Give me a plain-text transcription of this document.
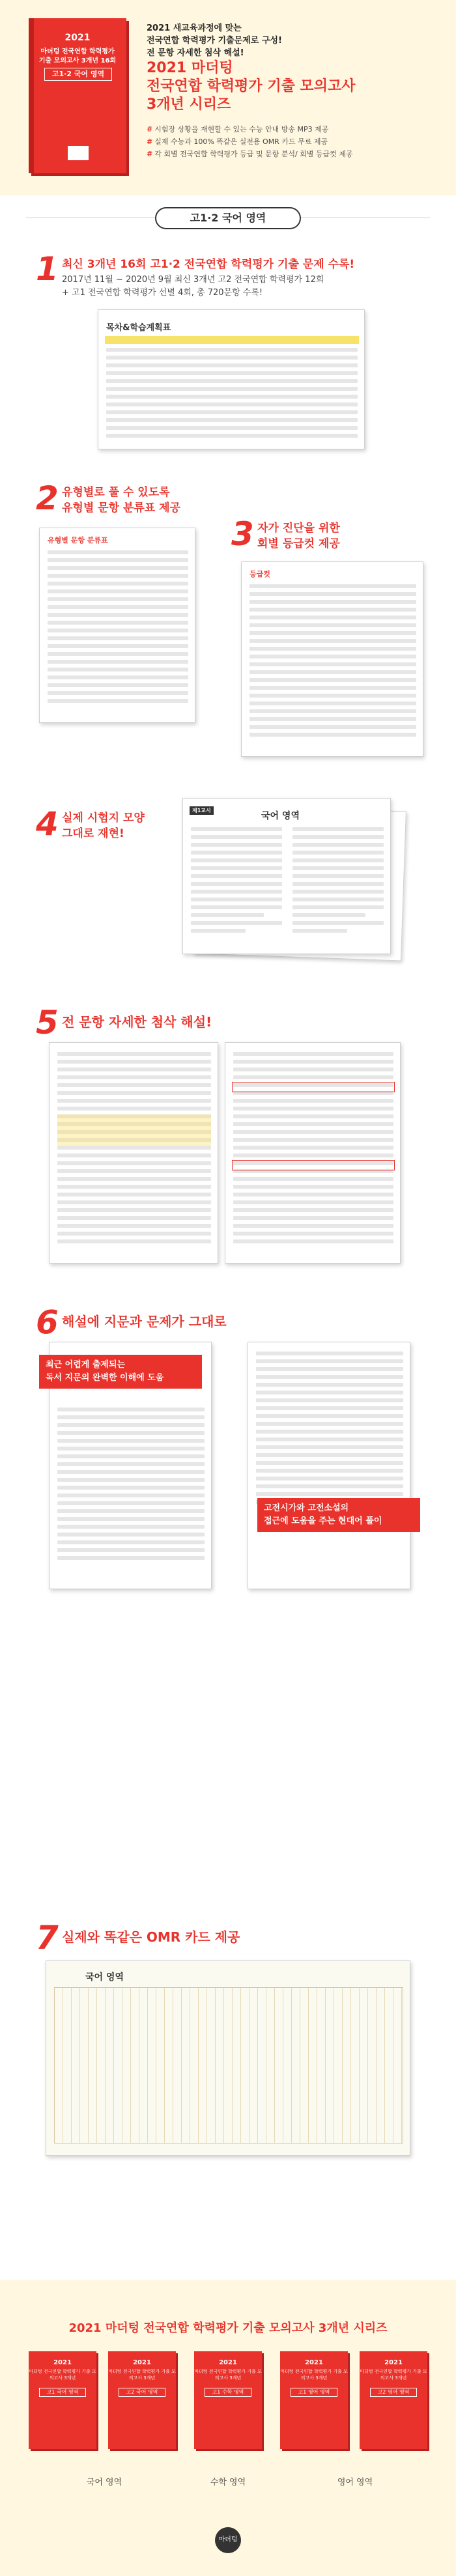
2021
마더텅 전국연합 학력평가
기출 모의고사 3개년 16회
고1·2 국어 영역
2021 새교육과정에 맞는
전국연합 학력평가 기출문제로 구성!
전 문항 자세한 첨삭 해설!
2021 마더텅
전국연합 학력평가 기출 모의고사
3개년 시리즈
# 시험장 상황을 재현할 수 있는 수능 안내 방송 MP3 제공
# 실제 수능과 100% 똑같은 실전용 OMR 카드 무료 제공
# 각 회별 전국연합 학력평가 등급 및 문항 분석/ 회별 등급컷 제공
고1·2 국어 영역
1 최신 3개년 16회 고1·2 전국연합 학력평가 기출 문제 수록!
2017년 11월 ~ 2020년 9월 최신 3개년 고2 전국연합 학력평가 12회
+ 고1 전국연합 학력평가 선별 4회, 총 720문항 수록!
목차&학습계획표
2 유형별로 풀 수 있도록
유형별 문항 분류표 제공
유형별 문항 분류표	3 자가 진단을 위한
회별 등급컷 제공
등급컷
4 실제 시험지 모양
그대로 재현!
제1교시
국어 영역
5 전 문항 자세한 첨삭 해설!
6 해설에 지문과 문제가 그대로
최근 어렵게 출제되는
독서 지문의 완벽한 이해에 도움
고전시가와 고전소설의
접근에 도움을 주는 현대어 풀이
7 실제와 똑같은 OMR 카드 제공
국어 영역
2021 마더텅 전국연합 학력평가 기출 모의고사 3개년 시리즈
2021
마더텅 전국연합 학력평가 기출 모의고사 3개년
고1 국어 영역
2021
마더텅 전국연합 학력평가 기출 모의고사 3개년
고2 국어 영역
2021
마더텅 전국연합 학력평가 기출 모의고사 3개년
고1 수학 영역
2021
마더텅 전국연합 학력평가 기출 모의고사 3개년
고1 영어 영역
2021
마더텅 전국연합 학력평가 기출 모의고사 3개년
고2 영어 영역
국어 영역	수학 영역	영어 영역
마더텅
